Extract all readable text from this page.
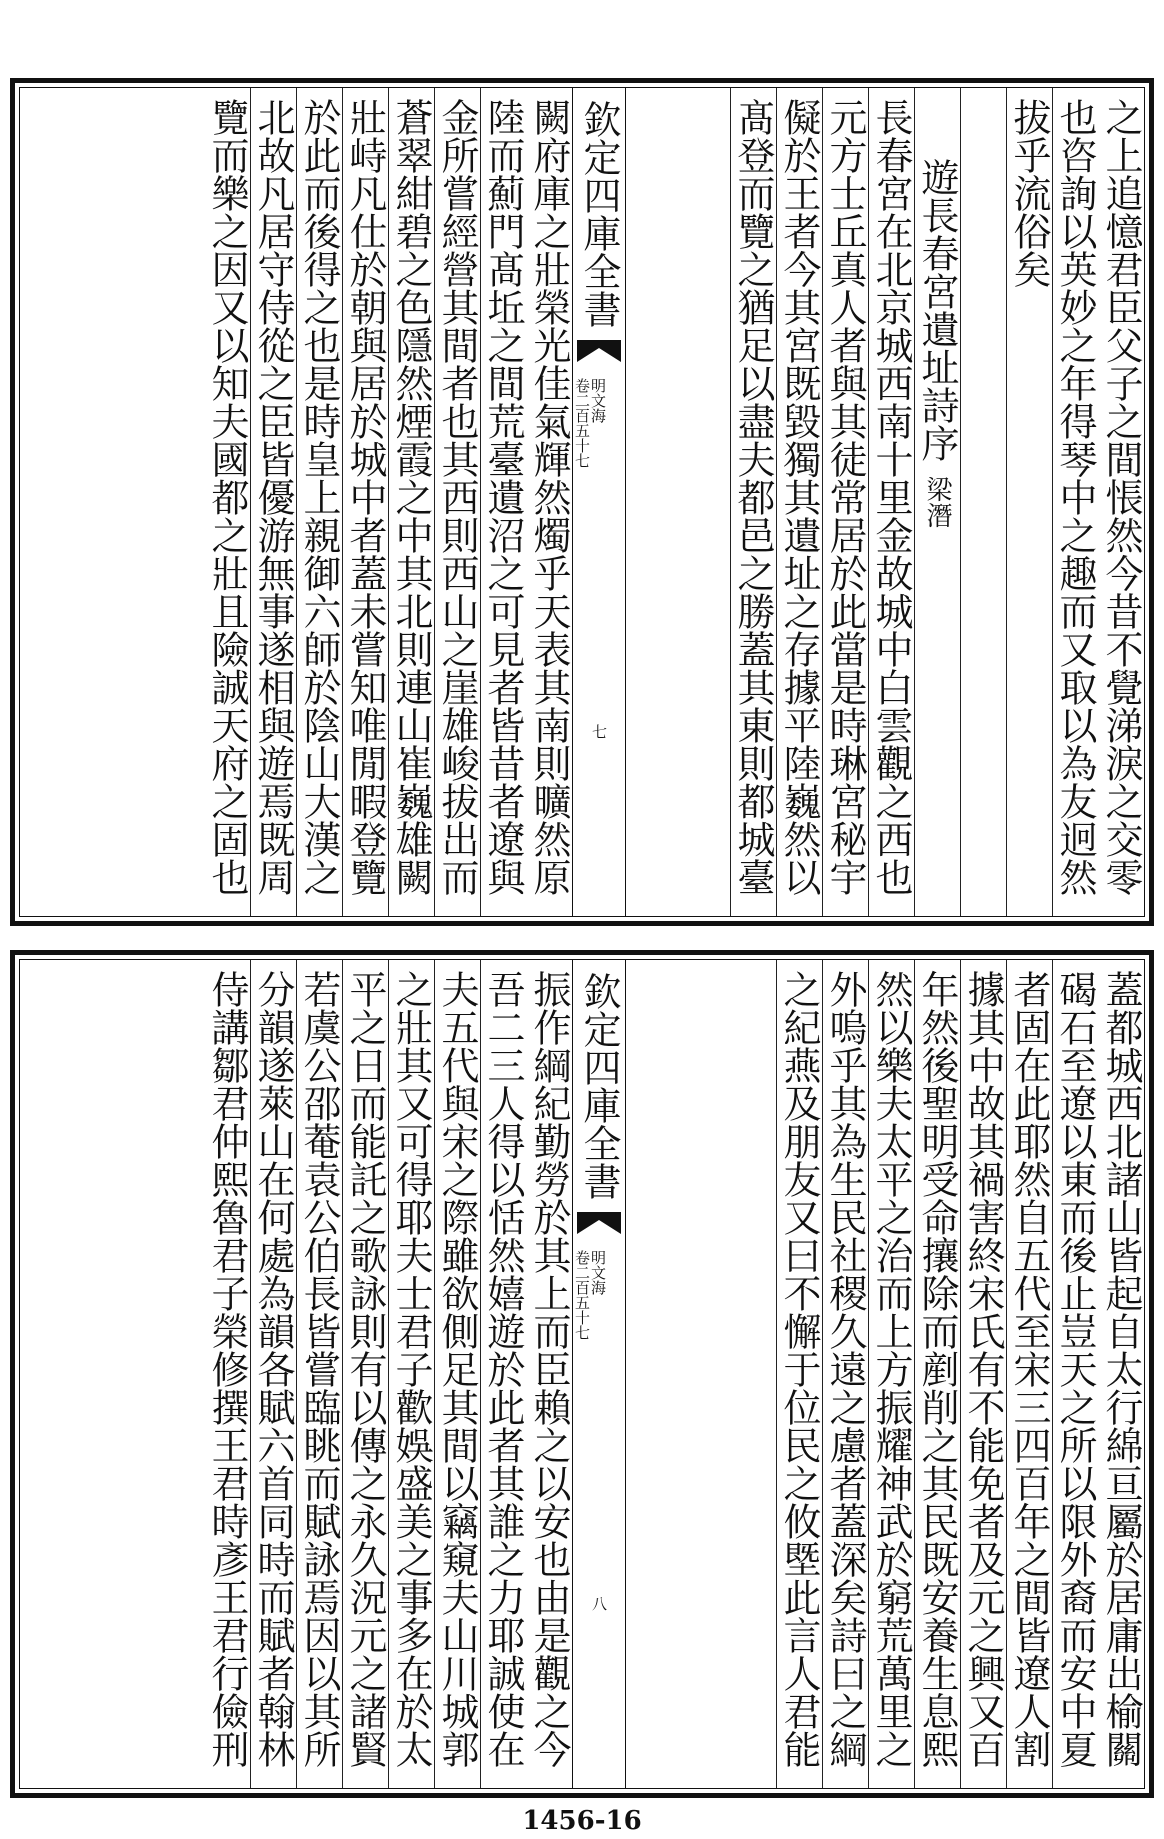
之上追憶君臣父子之間悵然今昔不覺涕淚之交零
也咨詢以英妙之年得琴中之趣而又取以為友迥然
拔乎流俗矣
遊長春宮遺址詩序梁潛
長春宮在北京城西南十里金故城中白雲觀之西也
元方士丘真人者與其徒常居於此當是時琳宮秘宇
儗於王者今其宮既毀獨其遺址之存據平陸巍然以
髙登而覽之猶足以盡夫都邑之勝蓋其東則都城臺
欽定四庫全書
明文海
卷二百五十七
七
闕府庫之壯榮光佳氣輝然燭乎天表其南則曠然原
陸而薊門髙坵之間荒臺遺沼之可見者皆昔者遼與
金所嘗經營其間者也其西則西山之崖雄峻拔出而
蒼翠紺碧之色隱然煙霞之中其北則連山崔巍雄闕
壯峙凡仕於朝與居於城中者蓋未嘗知唯閒暇登覽
於此而後得之也是時皇上親御六師於陰山大漢之
北故凡居守侍從之臣皆優游無事遂相與遊焉既周
覽而樂之因又以知夫國都之壯且險誠天府之固也
蓋都城西北諸山皆起自太行綿亘屬於居庸出榆關
碣石至遼以東而後止豈天之所以限外裔而安中夏
者固在此耶然自五代至宋三四百年之間皆遼人割
據其中故其禍害終宋氏有不能免者及元之興又百
年然後聖明受命攘除而剷削之其民既安養生息熙
然以樂夫太平之治而上方振耀神武於窮荒萬里之
外嗚乎其為生民社稷久遠之慮者蓋深矣詩曰之綱
之紀燕及朋友又曰不懈于位民之攸塈此言人君能
欽定四庫全書
明文海
卷二百五十七
八
振作綱紀勤勞於其上而臣賴之以安也由是觀之今
吾二三人得以恬然嬉遊於此者其誰之力耶誠使在
夫五代與宋之際雖欲側足其間以竊窺夫山川城郭
之壯其又可得耶夫士君子歡娛盛美之事多在於太
平之日而能託之歌詠則有以傳之永久況元之諸賢
若虞公邵菴袁公伯長皆嘗臨眺而賦詠焉因以其所
分韻遂萊山在何處為韻各賦六首同時而賦者翰林
侍講鄒君仲熙魯君子榮修撰王君時彥王君行儉刑
1456-16
